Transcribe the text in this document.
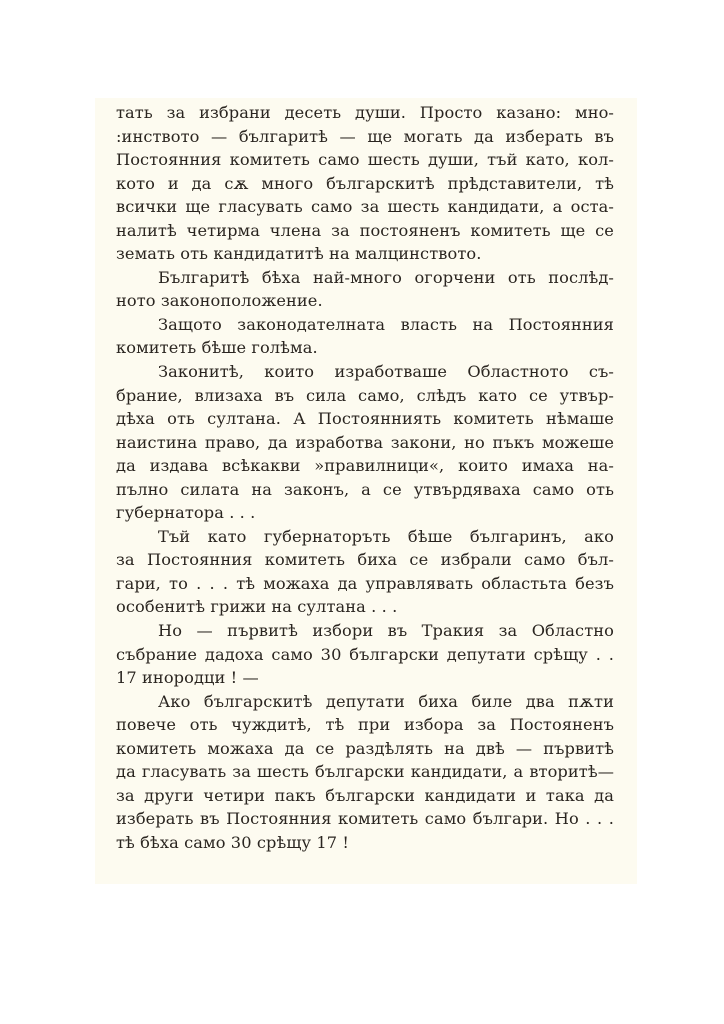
тать за избрани десеть души. Просто казано: мно-
:инството — българитѣ — ще могать да изберать въ
Постоянния комитеть само шесть души, тъй като, кол-
кото и да сѫ много българскитѣ прѣдставители, тѣ
всички ще гласувать само за шесть кандидати, а оста-
налитѣ четирма члена за постояненъ комитеть ще се
земать оть кандидатитѣ на малцинството.
Българитѣ бѣха най-много огорчени оть послѣд-
ното законоположение.
Защото законодателната власть на Постоянния
комитеть бѣше голѣма.
Законитѣ, които изработваше Областното съ-
брание, влизаха въ сила само, слѣдъ като се утвър-
дѣха оть султана. А Постоянниять комитеть нѣмаше
наистина право, да изработва закони, но пъкъ можеше
да издава всѣкакви »правилници«, които имаха на-
пълно силата на законъ, а се утвърдяваха само оть
губернатора . . .
Тъй като губернаторъть бѣше българинъ, ако
за Постоянния комитеть биха се избрали само бъл-
гари, то . . . тѣ можаха да управлявать областьта безъ
особенитѣ грижи на султана . . .
Но — първитѣ избори въ Тракия за Областно
събрание дадоха само 30 български депутати срѣщу . .
17 инородци ! —
Ако българскитѣ депутати биха биле два пѫти
повече оть чуждитѣ, тѣ при избора за Постояненъ
комитеть можаха да се раздѣлять на двѣ — първитѣ
да гласувать за шесть български кандидати, а вторитѣ—
за други четири пакъ български кандидати и така да
изберать въ Постоянния комитеть само българи. Но . . .
тѣ бѣха само 30 срѣщу 17 !
